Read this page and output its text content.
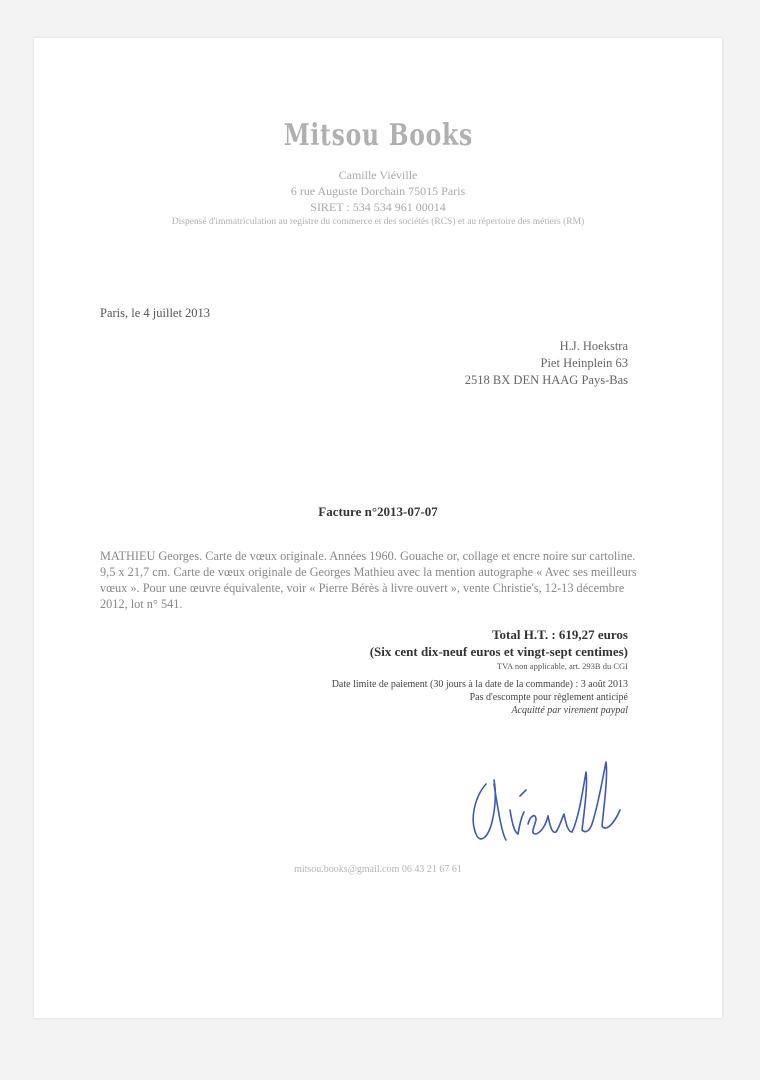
Mitsou Books
Camille Viéville
6 rue Auguste Dorchain 75015 Paris
SIRET : 534 534 961 00014
Dispensé d'immatriculation au registre du commerce et des sociétés (RCS) et au répertoire des métiers (RM)
Paris, le 4 juillet 2013
H.J. Hoekstra
Piet Heinplein 63
2518 BX DEN HAAG Pays-Bas
Facture n°2013-07-07
MATHIEU Georges. Carte de vœux originale. Années 1960. Gouache or, collage et encre noire sur cartoline. 9,5 x 21,7 cm. Carte de vœux originale de Georges Mathieu avec la mention autographe « Avec ses meilleurs vœux ». Pour une œuvre équivalente, voir « Pierre Bérès à livre ouvert », vente Christie's, 12-13 décembre 2012, lot n° 541.
Total H.T. : 619,27 euros
(Six cent dix-neuf euros et vingt-sept centimes)
TVA non applicable, art. 293B du CGI
Date limite de paiement (30 jours à la date de la commande) : 3 août 2013
Pas d'escompte pour règlement anticipé
Acquitté par virement paypal
mitsou.books@gmail.com 06 43 21 67 61
